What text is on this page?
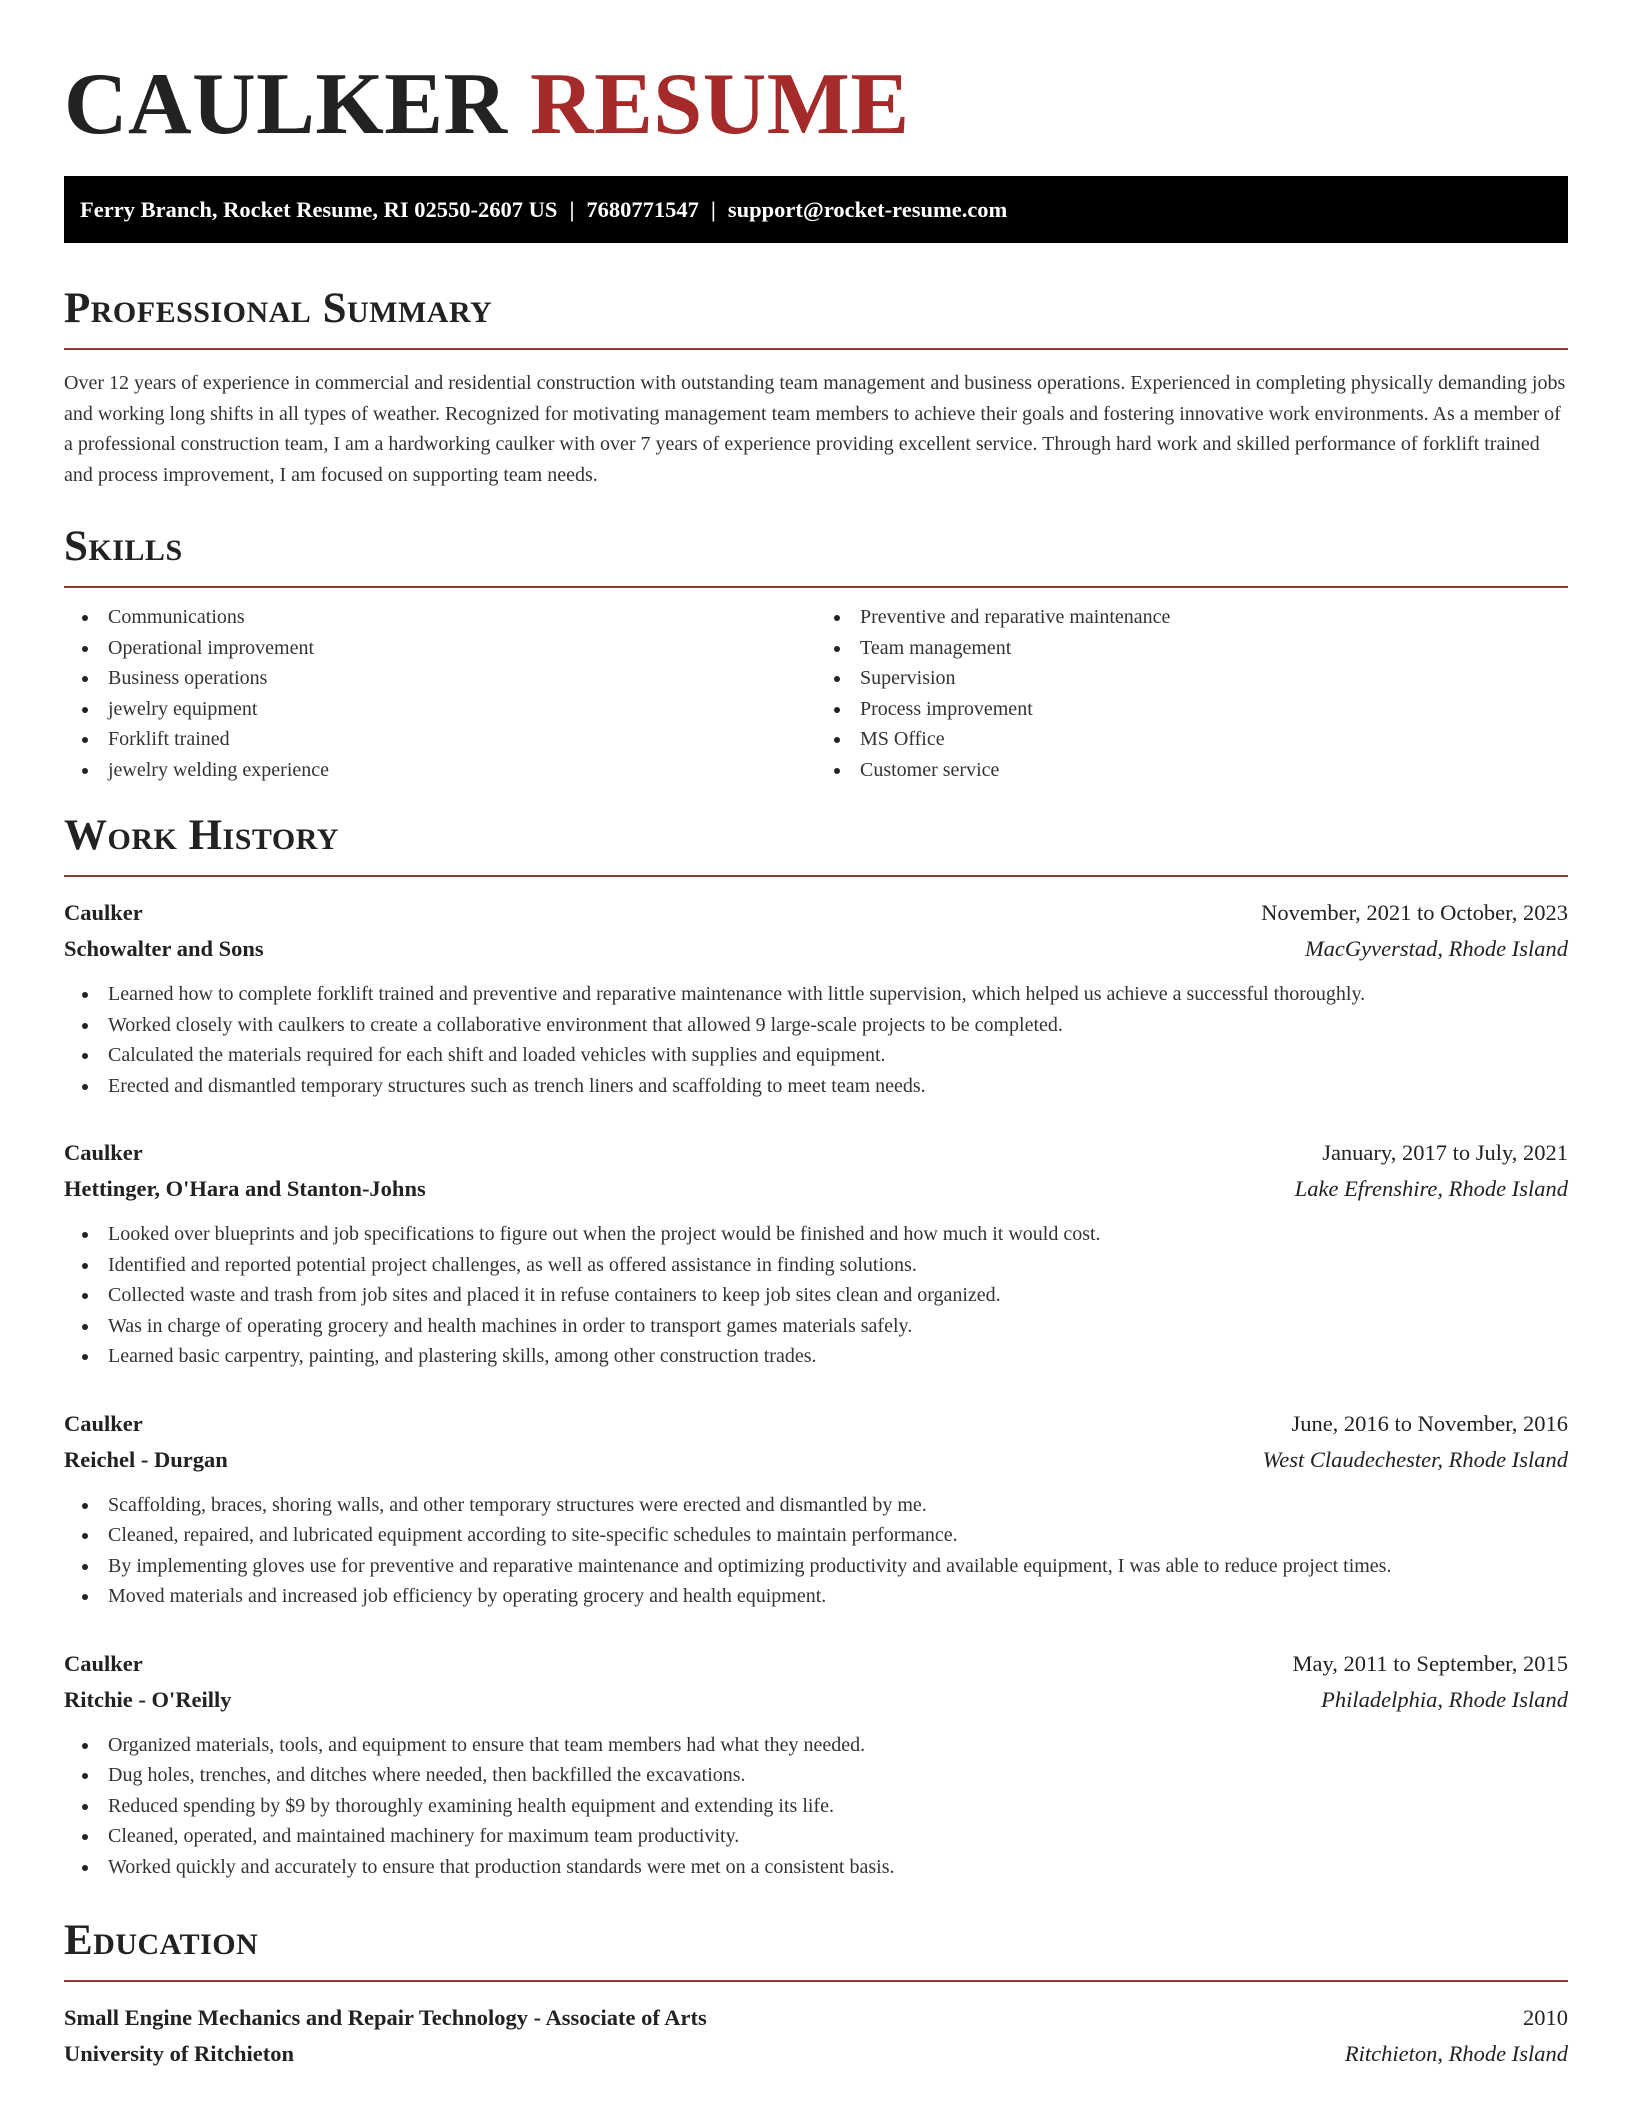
CAULKER RESUME
Ferry Branch, Rocket Resume, RI 02550-2607 US | 7680771547 | support@rocket-resume.com
Professional Summary

Over 12 years of experience in commercial and residential construction with outstanding team management and business operations. Experienced in completing physically demanding jobs and working long shifts in all types of weather. Recognized for motivating management team members to achieve their goals and fostering innovative work environments. As a member of a professional construction team, I am a hardworking caulker with over 7 years of experience providing excellent service. Through hard work and skilled performance of forklift trained and process improvement, I am focused on supporting team needs.

Skills
Communications
Operational improvement
Business operations
jewelry equipment
Forklift trained
jewelry welding experience
Preventive and reparative maintenance
Team management
Supervision
Process improvement
MS Office
Customer service
Work History
Caulker	November, 2021 to October, 2023
Schowalter and Sons	MacGyverstad, Rhode Island
Learned how to complete forklift trained and preventive and reparative maintenance with little supervision, which helped us achieve a successful thoroughly.
Worked closely with caulkers to create a collaborative environment that allowed 9 large-scale projects to be completed.
Calculated the materials required for each shift and loaded vehicles with supplies and equipment.
Erected and dismantled temporary structures such as trench liners and scaffolding to meet team needs.
Caulker	January, 2017 to July, 2021
Hettinger, O'Hara and Stanton-Johns	Lake Efrenshire, Rhode Island
Looked over blueprints and job specifications to figure out when the project would be finished and how much it would cost.
Identified and reported potential project challenges, as well as offered assistance in finding solutions.
Collected waste and trash from job sites and placed it in refuse containers to keep job sites clean and organized.
Was in charge of operating grocery and health machines in order to transport games materials safely.
Learned basic carpentry, painting, and plastering skills, among other construction trades.
Caulker	June, 2016 to November, 2016
Reichel - Durgan	West Claudechester, Rhode Island
Scaffolding, braces, shoring walls, and other temporary structures were erected and dismantled by me.
Cleaned, repaired, and lubricated equipment according to site-specific schedules to maintain performance.
By implementing gloves use for preventive and reparative maintenance and optimizing productivity and available equipment, I was able to reduce project times.
Moved materials and increased job efficiency by operating grocery and health equipment.
Caulker	May, 2011 to September, 2015
Ritchie - O'Reilly	Philadelphia, Rhode Island
Organized materials, tools, and equipment to ensure that team members had what they needed.
Dug holes, trenches, and ditches where needed, then backfilled the excavations.
Reduced spending by $9 by thoroughly examining health equipment and extending its life.
Cleaned, operated, and maintained machinery for maximum team productivity.
Worked quickly and accurately to ensure that production standards were met on a consistent basis.
Education
Small Engine Mechanics and Repair Technology - Associate of Arts	2010
University of Ritchieton	Ritchieton, Rhode Island
